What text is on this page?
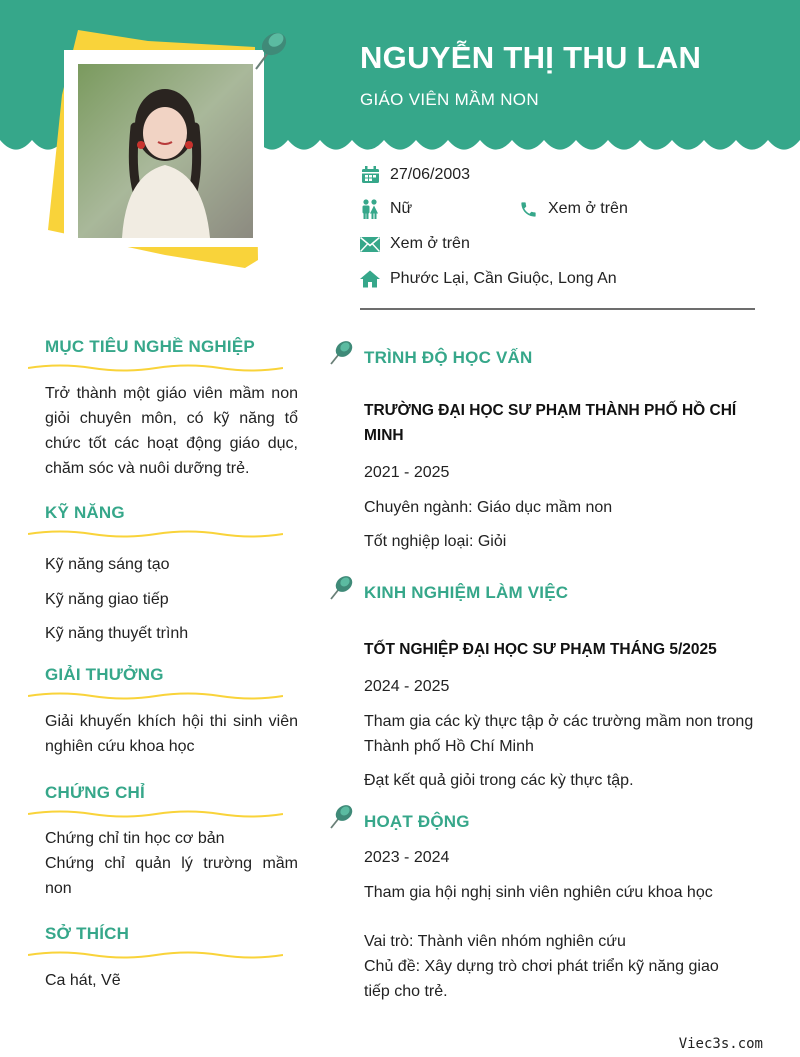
NGUYỄN THỊ THU LAN
GIÁO VIÊN MẦM NON
27/06/2003
Nữ	Xem ở trên
Xem ở trên
Phước Lại, Cần Giuộc, Long An
MỤC TIÊU NGHỀ NGHIỆP
Trở thành một giáo viên mầm non giỏi chuyên môn, có kỹ năng tổ chức tốt các hoạt động giáo dục, chăm sóc và nuôi dưỡng trẻ.
KỸ NĂNG
Kỹ năng sáng tạo
Kỹ năng giao tiếp
Kỹ năng thuyết trình
GIẢI THƯỞNG
Giải khuyến khích hội thi sinh viên nghiên cứu khoa học
CHỨNG CHỈ
Chứng chỉ tin học cơ bản
Chứng chỉ quản lý trường mầm non
SỞ THÍCH
Ca hát, Vẽ
TRÌNH ĐỘ HỌC VẤN
TRƯỜNG ĐẠI HỌC SƯ PHẠM THÀNH PHỐ HỒ CHÍ MINH
2021 - 2025
Chuyên ngành: Giáo dục mầm non
Tốt nghiệp loại: Giỏi
KINH NGHIỆM LÀM VIỆC
TỐT NGHIỆP ĐẠI HỌC SƯ PHẠM THÁNG 5/2025
2024 - 2025
Tham gia các kỳ thực tập ở các trường mầm non trong Thành phố Hồ Chí Minh
Đạt kết quả giỏi trong các kỳ thực tập.
HOẠT ĐỘNG
2023 - 2024
Tham gia hội nghị sinh viên nghiên cứu khoa học
Vai trò: Thành viên nhóm nghiên cứu
Chủ đề: Xây dựng trò chơi phát triển kỹ năng giao tiếp cho trẻ.
Viec3s.com
